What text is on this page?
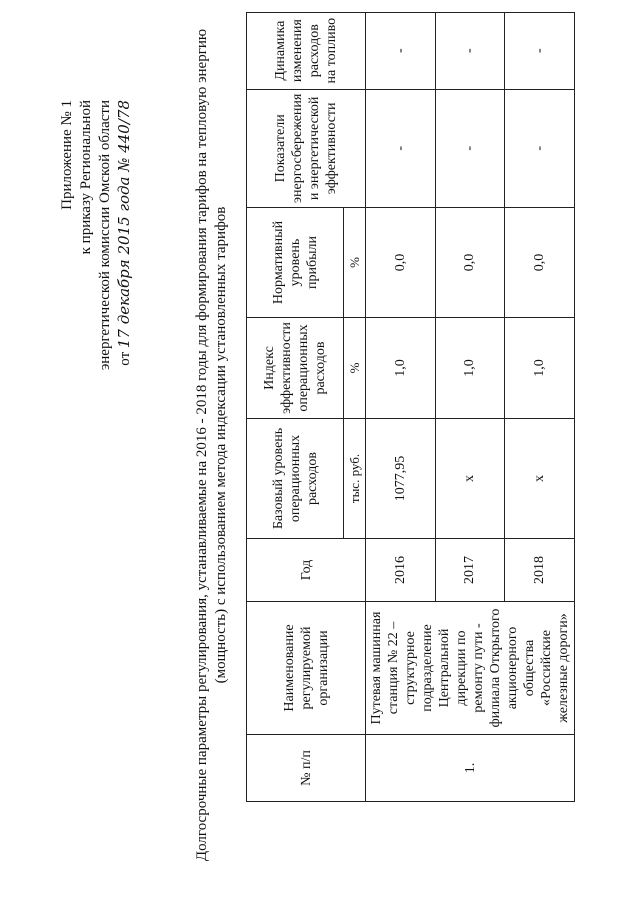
Приложение № 1 к приказу Региональной энергетической комиссии Омской области от 17 декабря 2015 года № 440/78	Долгосрочные параметры регулирования, устанавливаемые на 2016 - 2018 годы для формирования тарифов на тепловую энергию (мощность) с использованием метода индексации установленных тарифов
№ п/п	Наименование регулируемой организации	Год	Базовый уровень операционных расходов	Индекс эффективности операционных расходов	Нормативный уровень прибыли	Показатели энергосбережения и энергетической эффективности	Динамика изменения расходов на топливо
			тыс. руб.	%	%		
1.	Путевая машинная станция № 22 – структурное подразделение Центральной дирекции по ремонту пути - филиала Открытого акционерного общества «Российские железные дороги»	2016	1077,95	1,0	0,0	-	-
		2017	х	1,0	0,0	-	-
		2018	х	1,0	0,0	-	-
